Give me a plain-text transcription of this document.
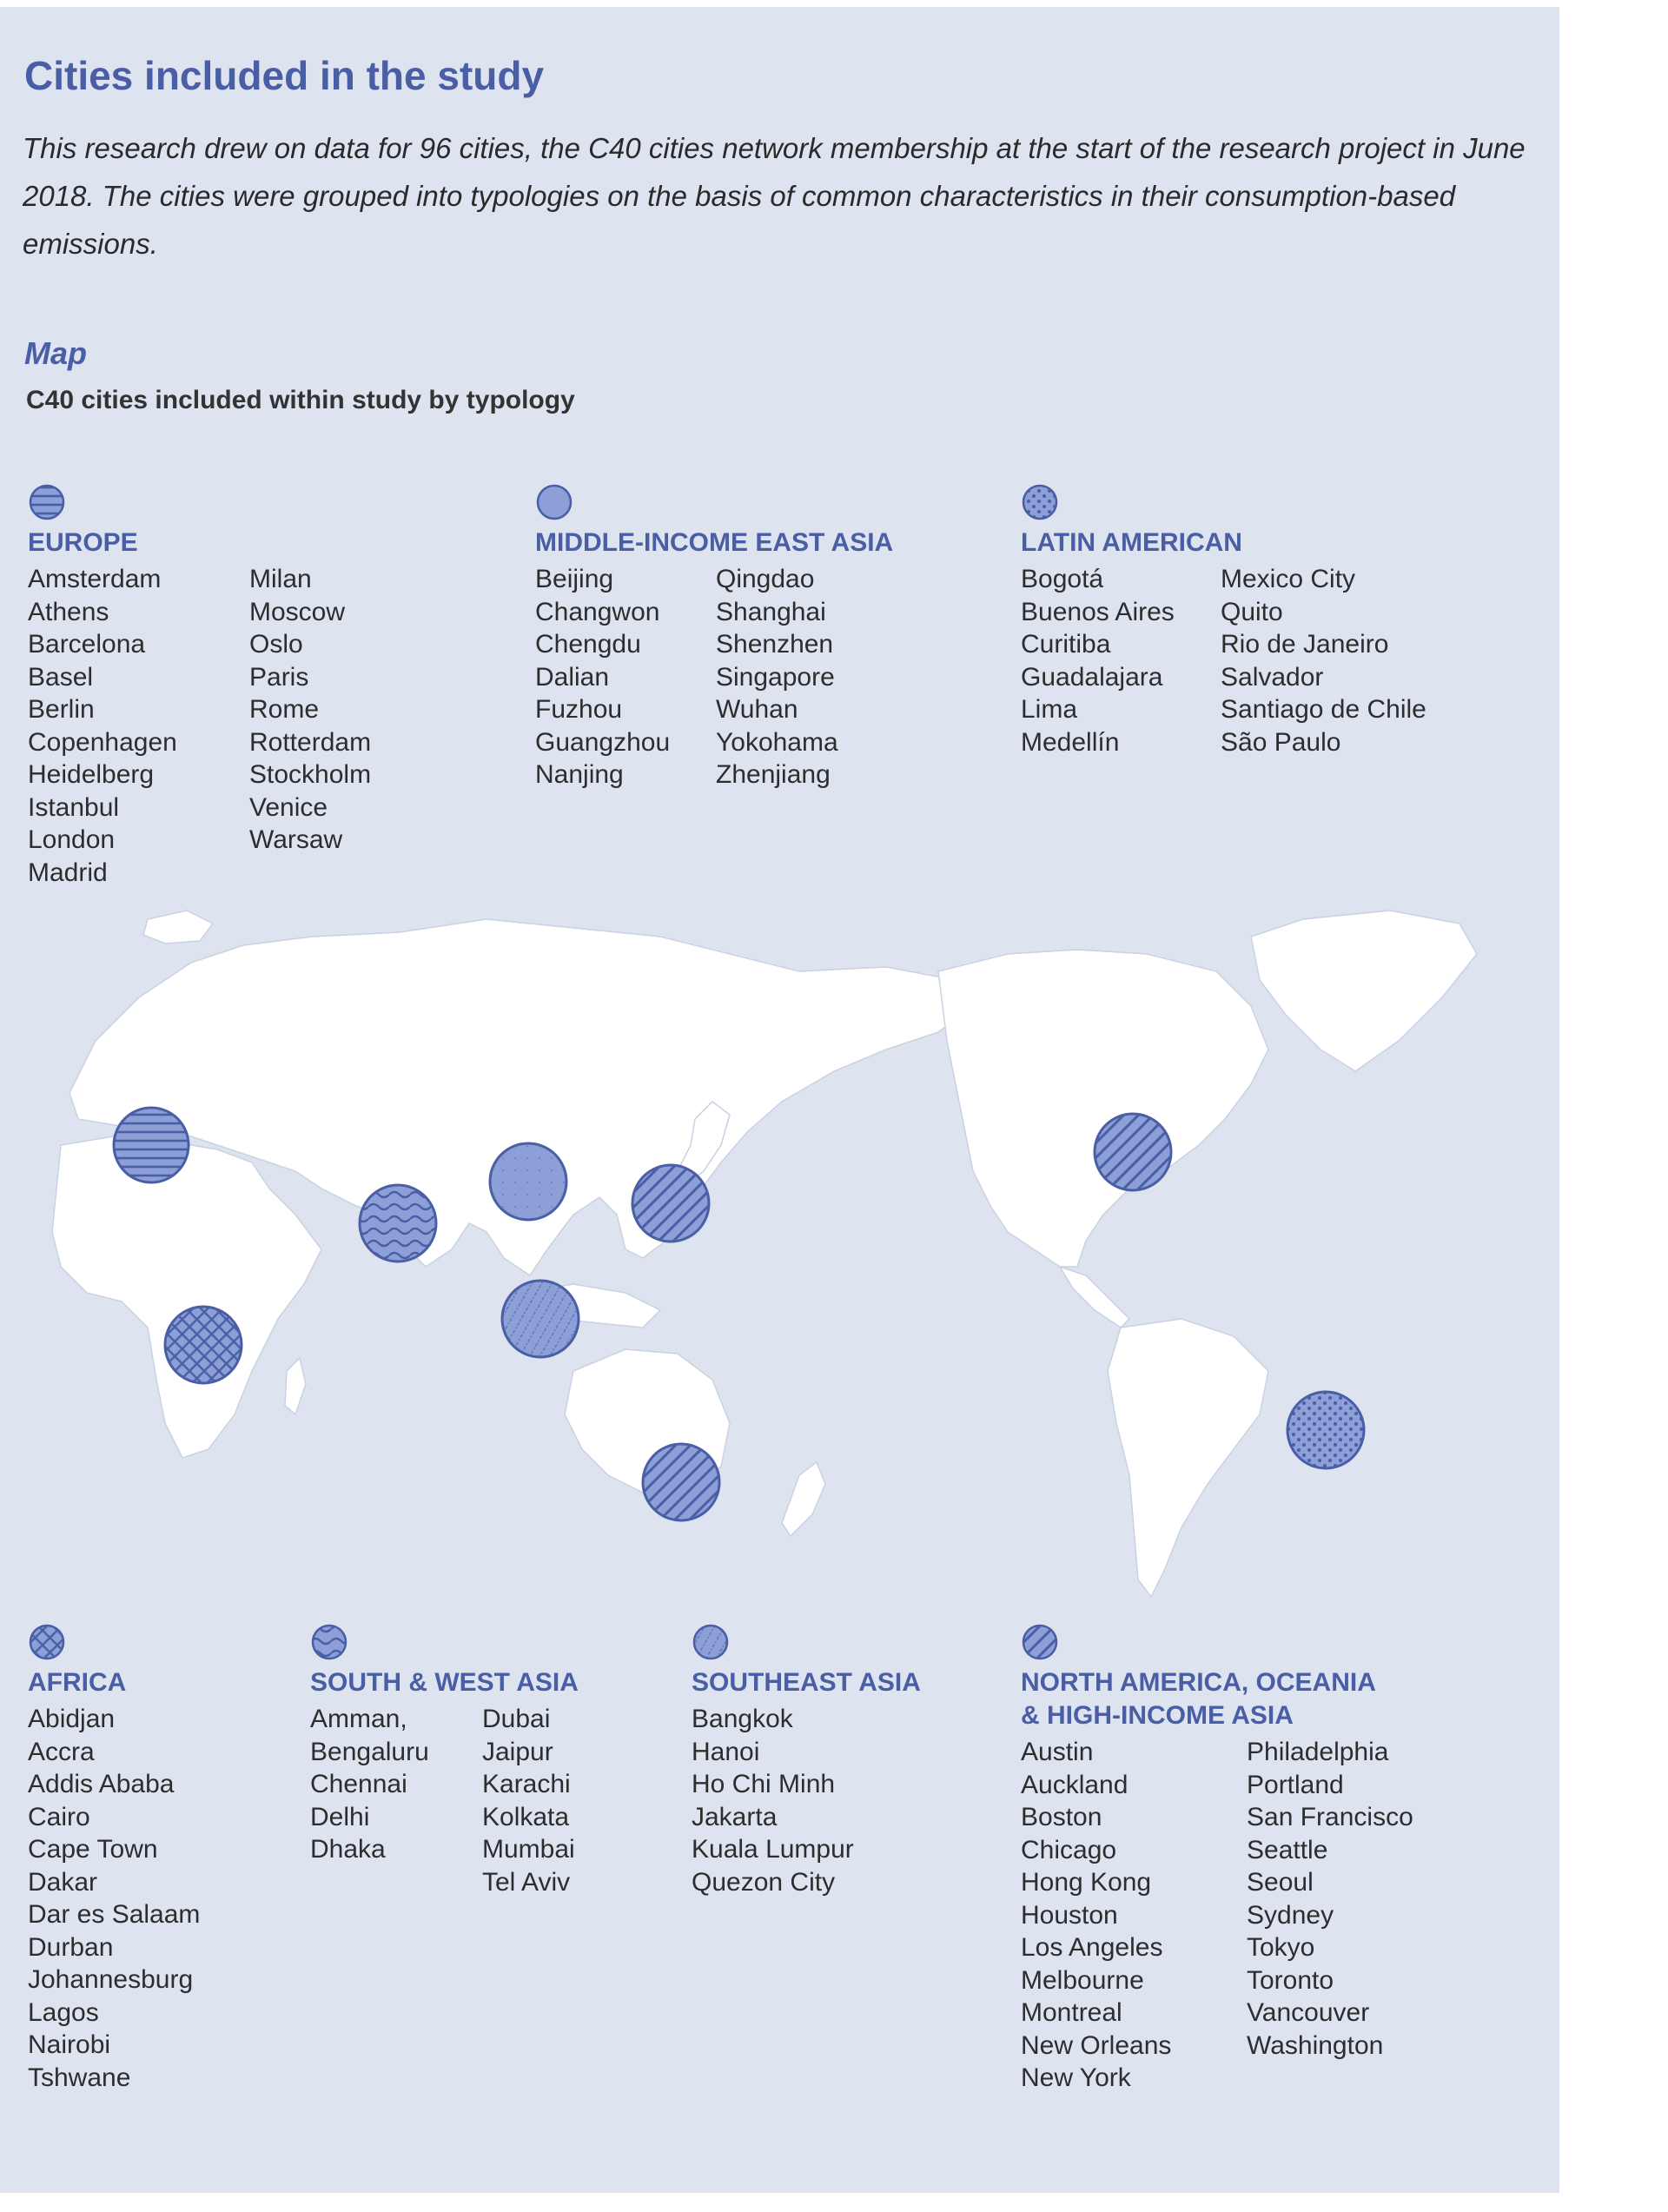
Cities included in the study

This research drew on data for 96 cities, the C40 cities network membership at the start of the research project in June 2018. The cities were grouped into typologies on the basis of common characteristics in their consumption-based emissions.

Map
C40 cities included within study by typology
EUROPE
Amsterdam
Athens
Barcelona
Basel
Berlin
Copenhagen
Heidelberg
Istanbul
London
Madrid
Milan
Moscow
Oslo
Paris
Rome
Rotterdam
Stockholm
Venice
Warsaw
MIDDLE-INCOME EAST ASIA
Beijing
Changwon
Chengdu
Dalian
Fuzhou
Guangzhou
Nanjing
Qingdao
Shanghai
Shenzhen
Singapore
Wuhan
Yokohama
Zhenjiang
LATIN AMERICAN
Bogotá
Buenos Aires
Curitiba
Guadalajara
Lima
Medellín
Mexico City
Quito
Rio de Janeiro
Salvador
Santiago de Chile
São Paulo
AFRICA
Abidjan
Accra
Addis Ababa
Cairo
Cape Town
Dakar
Dar es Salaam
Durban
Johannesburg
Lagos
Nairobi
Tshwane
SOUTH & WEST ASIA
Amman,
Bengaluru
Chennai
Delhi
Dhaka
Dubai
Jaipur
Karachi
Kolkata
Mumbai
Tel Aviv
SOUTHEAST ASIA
Bangkok
Hanoi
Ho Chi Minh
Jakarta
Kuala Lumpur
Quezon City
NORTH AMERICA, OCEANIA
& HIGH-INCOME ASIA
Austin
Auckland
Boston
Chicago
Hong Kong
Houston
Los Angeles
Melbourne
Montreal
New Orleans
New York
Philadelphia
Portland
San Francisco
Seattle
Seoul
Sydney
Tokyo
Toronto
Vancouver
Washington
